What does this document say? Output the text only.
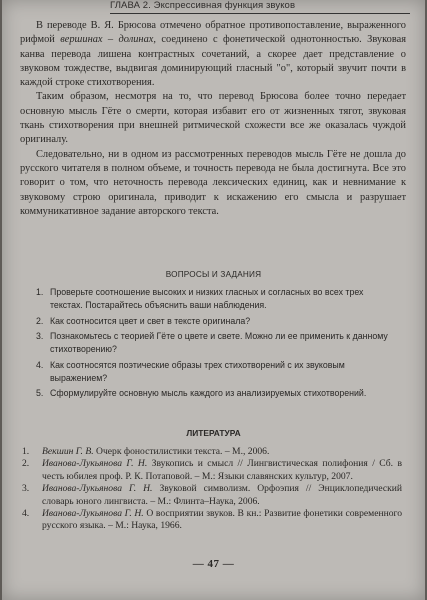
ГЛАВА 2. Экспрессивная функция звуков

В переводе В. Я. Брюсова отмечено обратное противопоставление, выраженного рифмой вершинах – долинах, соединено с фонетической однотонностью. Звуковая канва перевода лишена контрастных сочетаний, а скорее дает представление о звуковом тождестве, выдвигая доминирующий гласный "о", который звучит почти в каждой строке стихотворения.

Таким образом, несмотря на то, что перевод Брюсова более точно передает основную мысль Гёте о смерти, которая избавит его от жизненных тягот, звуковая ткань стихотворения при внешней ритмической схожести все же оказалась чуждой оригиналу.

Следовательно, ни в одном из рассмотренных переводов мысль Гёте не дошла до русского читателя в полном объеме, и точность перевода не была достигнута. Все это говорит о том, что неточность перевода лексических единиц, как и невнимание к звуковому строю оригинала, приводит к искажению его смысла и разрушает коммуникативное задание авторского текста.

ВОПРОСЫ И ЗАДАНИЯ
1. Проверьте соотношение высоких и низких гласных и согласных во всех трех текстах. Постарайтесь объяснить ваши наблюдения.
2. Как соотносится цвет и свет в тексте оригинала?
3. Познакомьтесь с теорией Гёте о цвете и свете. Можно ли ее применить к данному стихотворению?
4. Как соотносятся поэтические образы трех стихотворений с их звуковым выражением?
5. Сформулируйте основную мысль каждого из анализируемых стихотворений.
ЛИТЕРАТУРА
1. Векшин Г. В. Очерк фоностилистики текста. – М., 2006.
2. Иванова-Лукьянова Г. Н. Звукопись и смысл // Лингвистическая полифония / Сб. в честь юбилея проф. Р. К. Потаповой. – М.: Языки славянских культур, 2007.
3. Иванова-Лукьянова Г. Н. Звуковой символизм. Орфоэпия // Энциклопедический словарь юного лингвиста. – М.: Флинта–Наука, 2006.
4. Иванова-Лукьянова Г. Н. О восприятии звуков. В кн.: Развитие фонетики современного русского языка. – М.: Наука, 1966.
— 47 —
